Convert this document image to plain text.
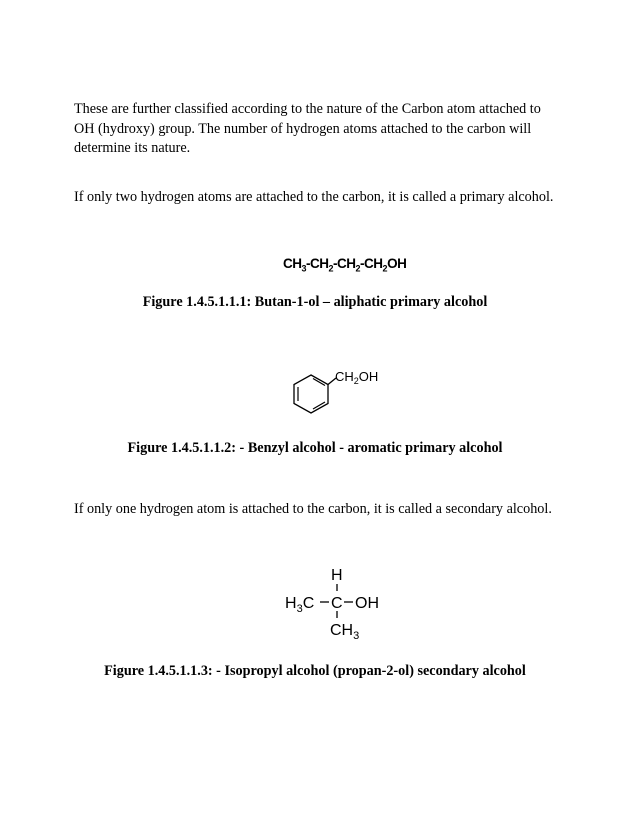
These are further classified according to the nature of the Carbon atom attached to OH (hydroxy) group. The number of hydrogen atoms attached to the carbon will determine its nature.

If only two hydrogen atoms are attached to the carbon, it is called a primary alcohol.

$CH_3-CH_2-CH_2-CH_2OH$

Figure 1.4.5.1.1.1: Butan-1-ol – aliphatic primary alcohol

$CH_2OH$

Figure 1.4.5.1.1.2: - Benzyl alcohol - aromatic primary alcohol

If only one hydrogen atom is attached to the carbon, it is called a secondary alcohol.

H
$H_3C$ C OH
$CH_3$

Figure 1.4.5.1.1.3: - Isopropyl alcohol (propan-2-ol) secondary alcohol
